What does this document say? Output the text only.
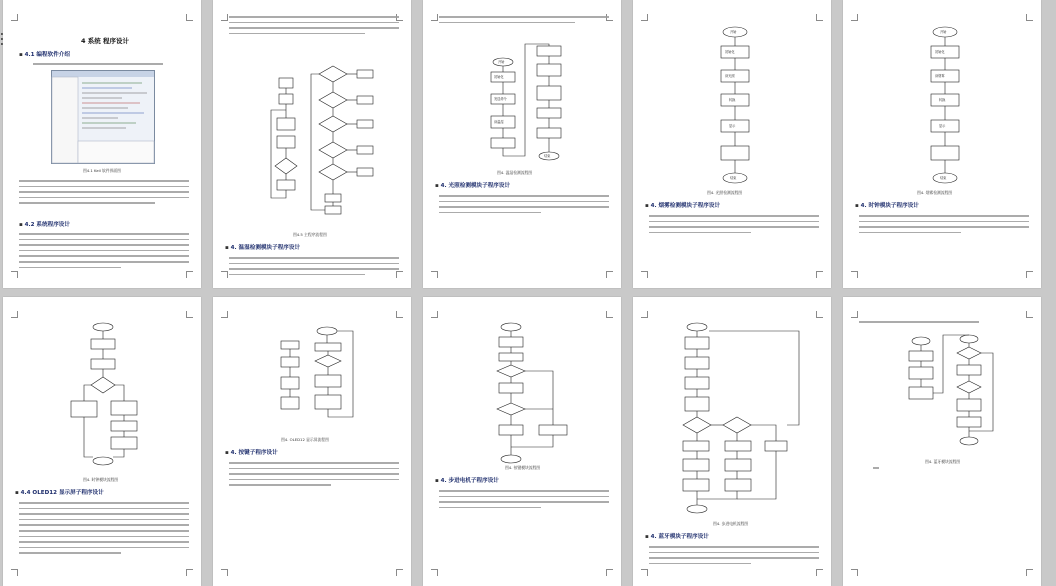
4 系统 程序设计
▪ 4.1 编程软件介绍
图4.1 Keil 软件界面图
▪ 4.2 系统程序设计
图4.5 主程序流程图
▪ 4. 温湿检测模块子程序设计
开始
初始化
发送命令
读温湿
结束
图4. 温湿检测流程图
▪ 4. 光照检测模块子程序设计
开始
初始化
读光照
转换
显示
结束
图4. 光照检测流程图
▪ 4. 烟雾检测模块子程序设计
开始
初始化
读烟雾
转换
显示
结束
图4. 烟雾检测流程图
▪ 4. 时钟模块子程序设计
图4. 时钟模块流程图
▪ 4.4 OLED12 显示屏子程序设计
图4. OLED12 显示屏流程图
▪ 4. 按键子程序设计
图4. 按键模块流程图
▪ 4. 步进电机子程序设计
图4. 步进电机流程图
▪ 4. 蓝牙模块子程序设计
图4. 蓝牙模块流程图
